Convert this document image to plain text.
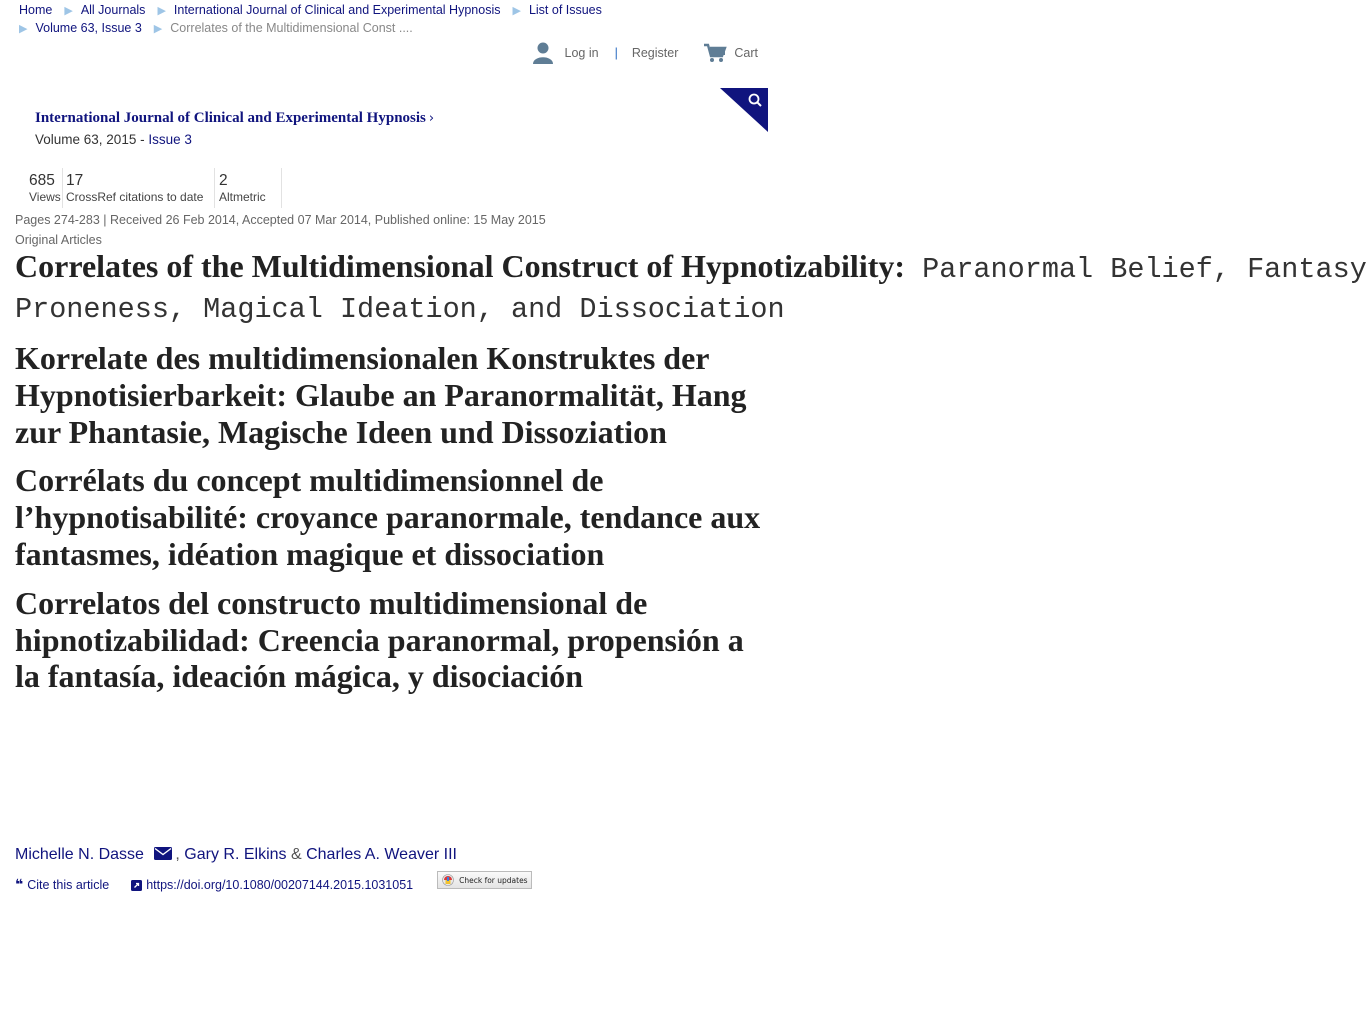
Home ▶ All Journals ▶ International Journal of Clinical and Experimental Hypnosis ▶ List of Issues
▶ Volume 63, Issue 3 ▶ Correlates of the Multidimensional Const ....
Log in | Register	Cart
International Journal of Clinical and Experimental Hypnosis ›
Volume 63, 2015 - Issue 3
685
Views
17
CrossRef citations to date
2
Altmetric
Pages 274-283 | Received 26 Feb 2014, Accepted 07 Mar 2014, Published online: 15 May 2015
Original Articles
Correlates of the Multidimensional Construct of Hypnotizability: Paranormal Belief, Fantasy
Proneness, Magical Ideation, and Dissociation
Korrelate des multidimensionalen Konstruktes der Hypnotisierbarkeit: Glaube an Paranormalität, Hang zur Phantasie, Magische Ideen und Dissoziation
Corrélats du concept multidimensionnel de l’hypnotisabilité: croyance paranormale, tendance aux fantasmes, idéation magique et dissociation
Correlatos del constructo multidimensional de hipnotizabilidad: Creencia paranormal, propensión a la fantasía, ideación mágica, y disociación
Michelle N. Dasse , Gary R. Elkins & Charles A. Weaver III
❝ Cite this article	https://doi.org/10.1080/00207144.2015.1031051	Check for updates
